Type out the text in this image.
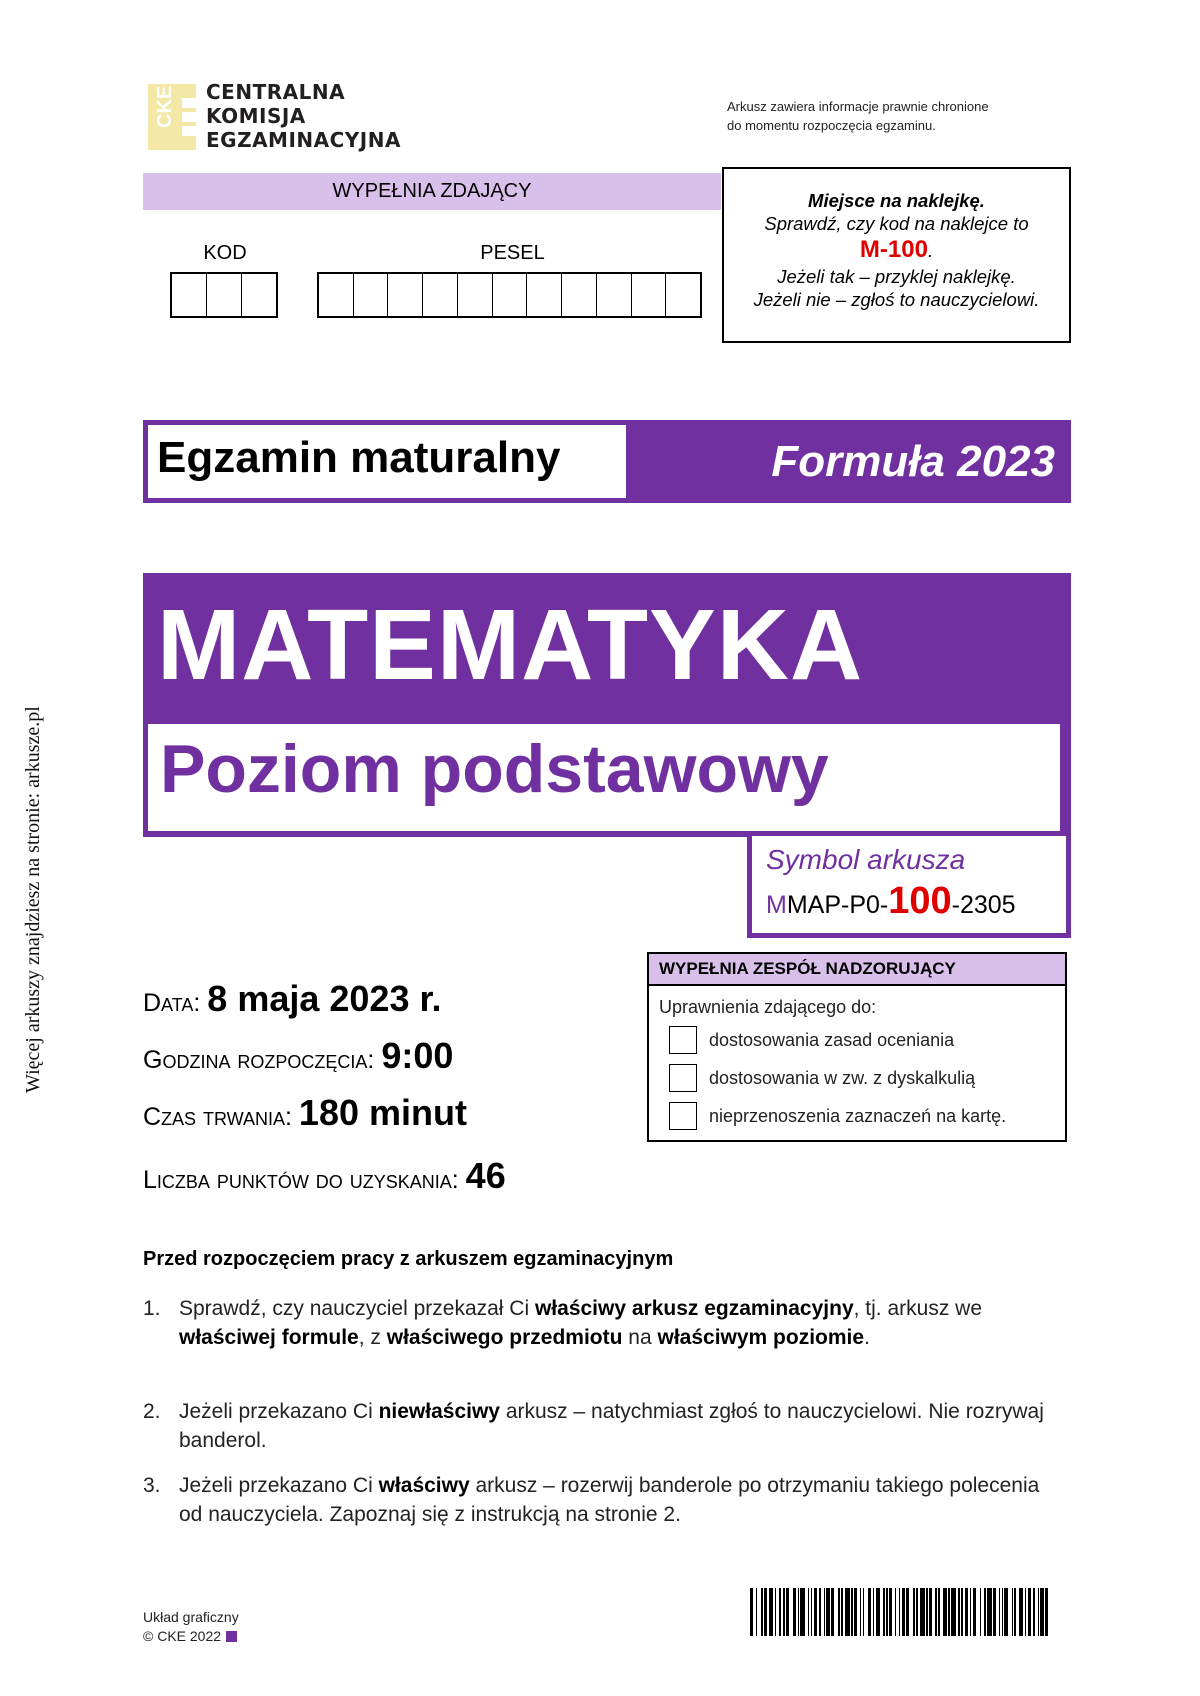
CKE CENTRALNA
KOMISJA
EGZAMINACYJNA
Arkusz zawiera informacje prawnie chronione
do momentu rozpoczęcia egzaminu.
WYPEŁNIA ZDAJĄCY
KOD	PESEL
Miejsce na naklejkę.
Sprawdź, czy kod na naklejce to
M-100.
Jeżeli tak – przyklej naklejkę.
Jeżeli nie – zgłoś to nauczycielowi.
Egzamin maturalny	Formuła 2023
MATEMATYKA
Poziom podstawowy
Symbol arkusza
MMAP-P0-100-2305
Data: 8 maja 2023 r.
Godzina rozpoczęcia: 9:00
Czas trwania: 180 minut
Liczba punktów do uzyskania: 46
WYPEŁNIA ZESPÓŁ NADZORUJĄCY
Uprawnienia zdającego do:
dostosowania zasad oceniania
dostosowania w zw. z dyskalkulią
nieprzenoszenia zaznaczeń na kartę.
Przed rozpoczęciem pracy z arkuszem egzaminacyjnym
1. Sprawdź, czy nauczyciel przekazał Ci właściwy arkusz egzaminacyjny, tj. arkusz we właściwej formule, z właściwego przedmiotu na właściwym poziomie.
2. Jeżeli przekazano Ci niewłaściwy arkusz – natychmiast zgłoś to nauczycielowi. Nie rozrywaj banderol.
3. Jeżeli przekazano Ci właściwy arkusz – rozerwij banderole po otrzymaniu takiego polecenia od nauczyciela. Zapoznaj się z instrukcją na stronie 2.
Układ graficzny
© CKE 2022
Więcej arkuszy znajdziesz na stronie: arkusze.pl
